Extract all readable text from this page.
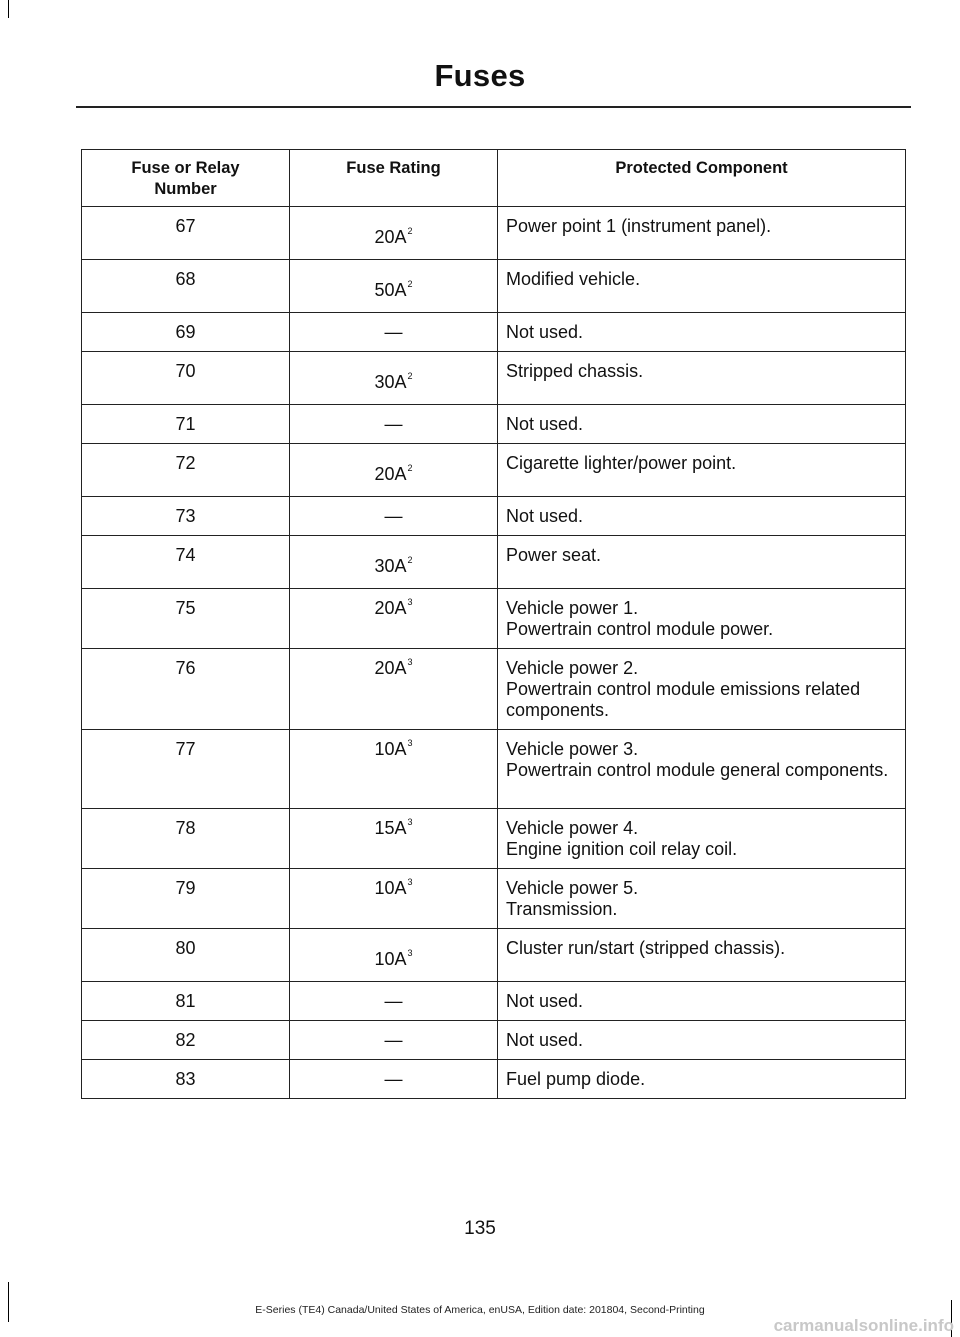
Fuses
Fuse or Relay
Number	Fuse Rating	Protected Component
67	$20A^2$	Power point 1 (instrument panel).

68	$50A^2$	Modified vehicle.

69	—	Not used.

70	$30A^2$	Stripped chassis.

71	—	Not used.

72	$20A^2$	Cigarette lighter/power point.

73	—	Not used.

74	$30A^2$	Power seat.

75	$20A^3$	Vehicle power 1.
Powertrain control module power.

76	$20A^3$	Vehicle power 2.
Powertrain control module emissions related components.

77	$10A^3$	Vehicle power 3.
Powertrain control module general components.

78	$15A^3$	Vehicle power 4.
Engine ignition coil relay coil.

79	$10A^3$	Vehicle power 5.
Transmission.

80	$10A^3$	Cluster run/start (stripped chassis).

81	—	Not used.

82	—	Not used.

83	—	Fuel pump diode.
135
E-Series (TE4) Canada/United States of America, enUSA, Edition date: 201804, Second-Printing
carmanualsonline.info
